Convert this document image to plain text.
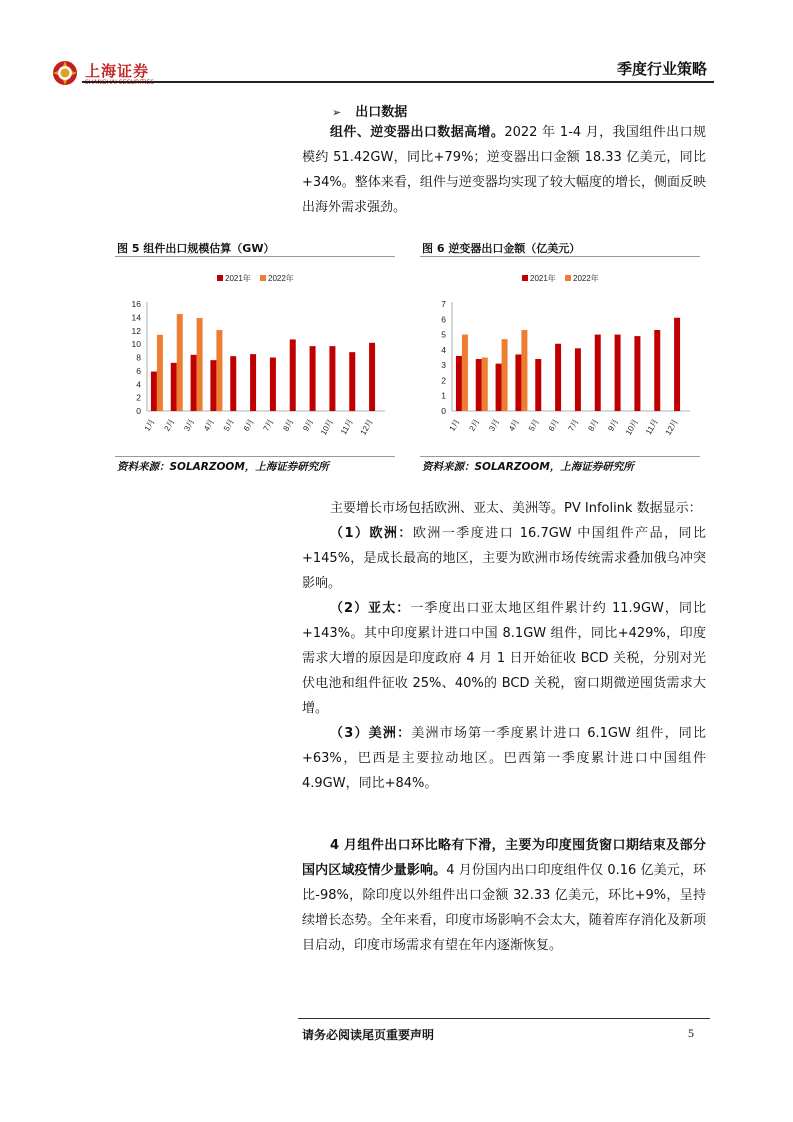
上海证券	季度行业策略
➢ 出口数据

组件、逆变器出口数据高增。2022 年 1-4 月，我国组件出口规模约 51.42GW，同比+79%；逆变器出口金额 18.33 亿美元，同比+34%。整体来看，组件与逆变器均实现了较大幅度的增长，侧面反映出海外需求强劲。

图 5 组件出口规模估算（GW）
2021年 2022年
0
2
4
6
8
10
12
14
16
1月 2月 3月 4月 5月 6月 7月 8月 9月 10月 11月 12月
资料来源：SOLARZOOM，上海证券研究所
图 6 逆变器出口金额（亿美元）
2021年 2022年
0
1
2
3
4
5
6
7
1月 2月 3月 4月 5月 6月 7月 8月 9月 10月 11月 12月
资料来源：SOLARZOOM，上海证券研究所

主要增长市场包括欧洲、亚太、美洲等。PV Infolink 数据显示：

（1）欧洲：欧洲一季度进口 16.7GW 中国组件产品，同比+145%，是成长最高的地区，主要为欧洲市场传统需求叠加俄乌冲突影响。

（2）亚太：一季度出口亚太地区组件累计约 11.9GW，同比+143%。其中印度累计进口中国 8.1GW 组件，同比+429%，印度需求大增的原因是印度政府 4 月 1 日开始征收 BCD 关税，分别对光伏电池和组件征收 25%、40%的 BCD 关税，窗口期微逆囤货需求大增。

（3）美洲：美洲市场第一季度累计进口 6.1GW 组件，同比+63%，巴西是主要拉动地区。巴西第一季度累计进口中国组件 4.9GW，同比+84%。

4 月组件出口环比略有下滑，主要为印度囤货窗口期结束及部分国内区域疫情少量影响。4 月份国内出口印度组件仅 0.16 亿美元，环比-98%，除印度以外组件出口金额 32.33 亿美元，环比+9%，呈持续增长态势。全年来看，印度市场影响不会太大，随着库存消化及新项目启动，印度市场需求有望在年内逐渐恢复。

请务必阅读尾页重要声明	5
